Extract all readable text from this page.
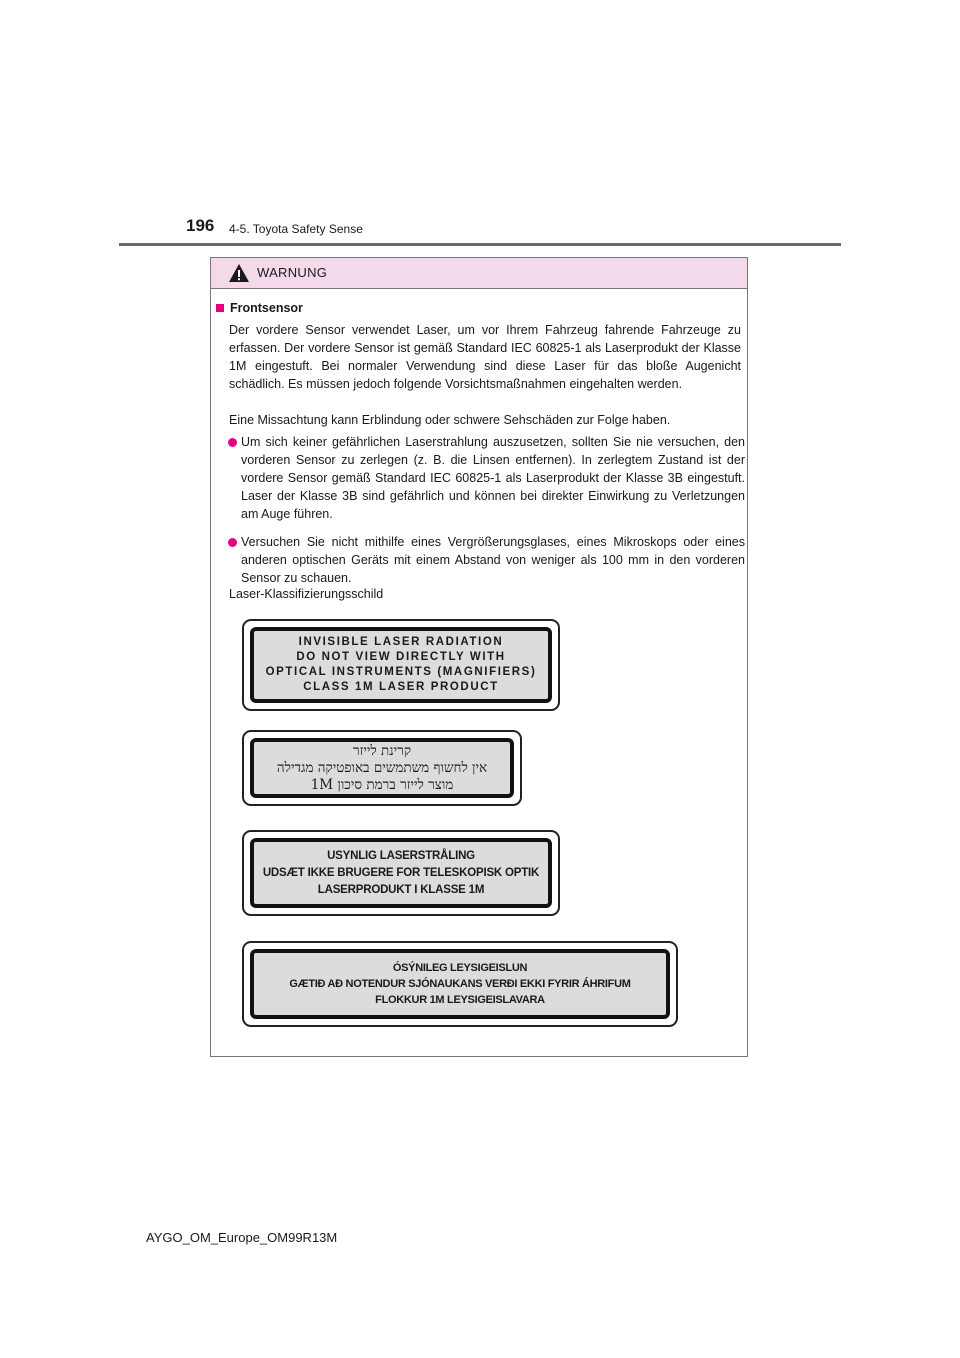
196 4-5. Toyota Safety Sense
WARNUNG
Frontsensor
Der vordere Sensor verwendet Laser, um vor Ihrem Fahrzeug fahrende Fahrzeuge zu erfassen. Der vordere Sensor ist gemäß Standard IEC 60825-1 als Laserprodukt der Klasse 1M eingestuft. Bei normaler Verwendung sind diese Laser für das bloße Augenicht schädlich. Es müssen jedoch folgende Vorsichtsmaßnahmen eingehalten werden.
Eine Missachtung kann Erblindung oder schwere Sehschäden zur Folge haben.
Um sich keiner gefährlichen Laserstrahlung auszusetzen, sollten Sie nie versuchen, den vorderen Sensor zu zerlegen (z. B. die Linsen entfernen). In zerlegtem Zustand ist der vordere Sensor gemäß Standard IEC 60825-1 als Laserprodukt der Klasse 3B eingestuft. Laser der Klasse 3B sind gefährlich und können bei direkter Einwirkung zu Verletzungen am Auge führen.
Versuchen Sie nicht mithilfe eines Vergrößerungsglases, eines Mikroskops oder eines anderen optischen Geräts mit einem Abstand von weniger als 100 mm in den vorderen Sensor zu schauen.
Laser-Klassifizierungsschild
INVISIBLE LASER RADIATION
DO NOT VIEW DIRECTLY WITH
OPTICAL INSTRUMENTS (MAGNIFIERS)
CLASS 1M LASER PRODUCT
קרינת לייזר
אין לחשוף משתמשים באופטיקה מגדילה
מוצר לייזר ברמת סיכון 1M
USYNLIG LASERSTRÅLING
UDSÆT IKKE BRUGERE FOR TELESKOPISK OPTIK
LASERPRODUKT I KLASSE 1M
ÓSÝNILEG LEYSIGEISLUN
GÆTIÐ AÐ NOTENDUR SJÓNAUKANS VERÐI EKKI FYRIR ÁHRIFUM
FLOKKUR 1M LEYSIGEISLAVARA
AYGO_OM_Europe_OM99R13M
